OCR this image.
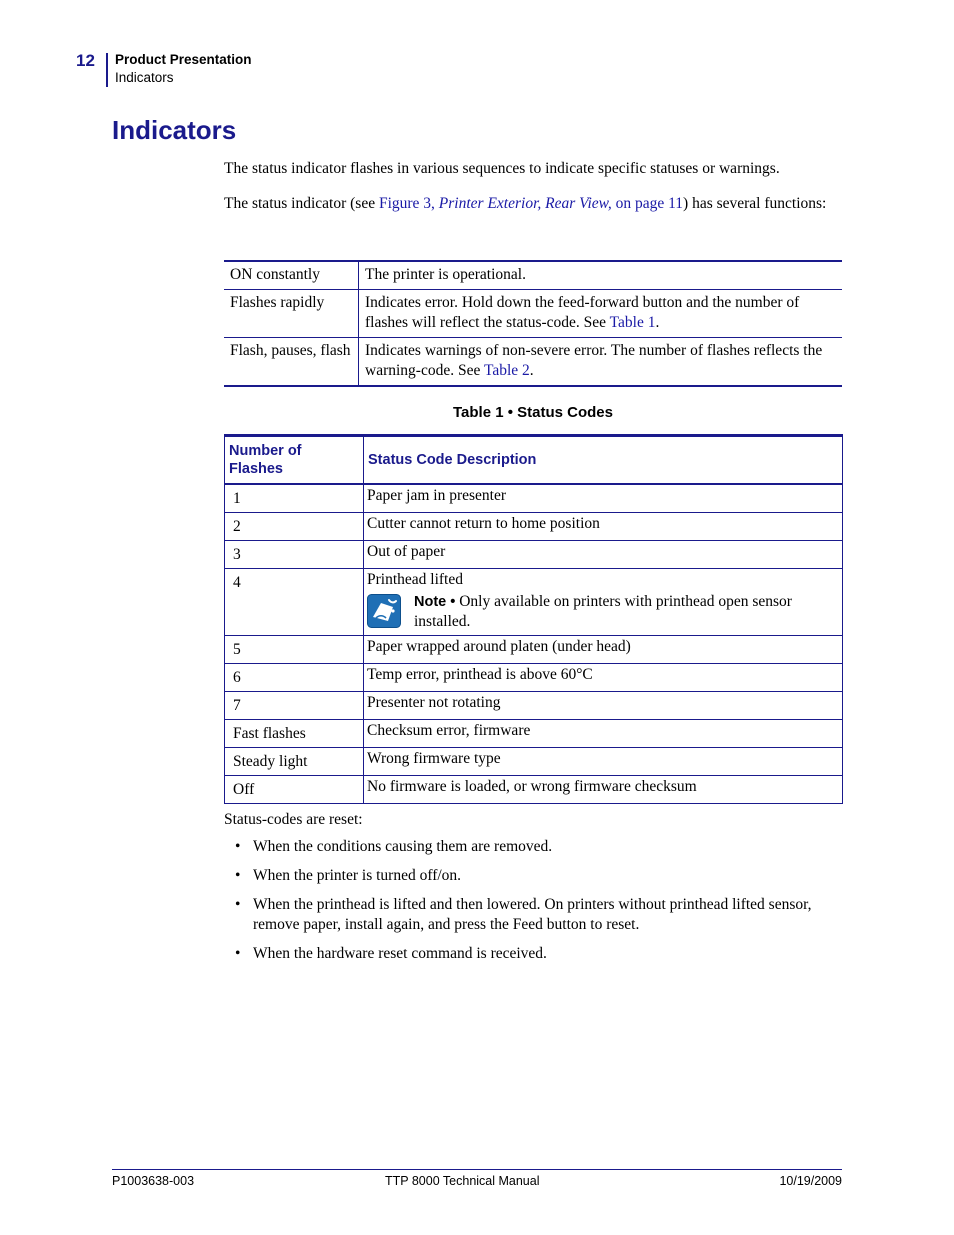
12 Product Presentation
Indicators
Indicators
The status indicator flashes in various sequences to indicate specific statuses or warnings.
The status indicator (see Figure 3, Printer Exterior, Rear View, on page 11) has several functions:
ON constantly	The printer is operational.
Flashes rapidly	Indicates error. Hold down the feed-forward button and the number of flashes will reflect the status-code. See Table 1.
Flash, pauses, flash	Indicates warnings of non-severe error. The number of flashes reflects the warning-code. See Table 2.
Table 1 • Status Codes
Number of Flashes	Status Code Description
1	Paper jam in presenter
2	Cutter cannot return to home position
3	Out of paper
4	Printhead lifted
Note • Only available on printers with printhead open sensor installed.

5	Paper wrapped around platen (under head)
6	Temp error, printhead is above 60°C
7	Presenter not rotating
Fast flashes	Checksum error, firmware
Steady light	Wrong firmware type
Off	No firmware is loaded, or wrong firmware checksum
Status-codes are reset:
• When the conditions causing them are removed.
• When the printer is turned off/on.
• When the printhead is lifted and then lowered. On printers without printhead lifted sensor, remove paper, install again, and press the Feed button to reset.
• When the hardware reset command is received.
P1003638-003	TTP 8000 Technical Manual	10/19/2009
